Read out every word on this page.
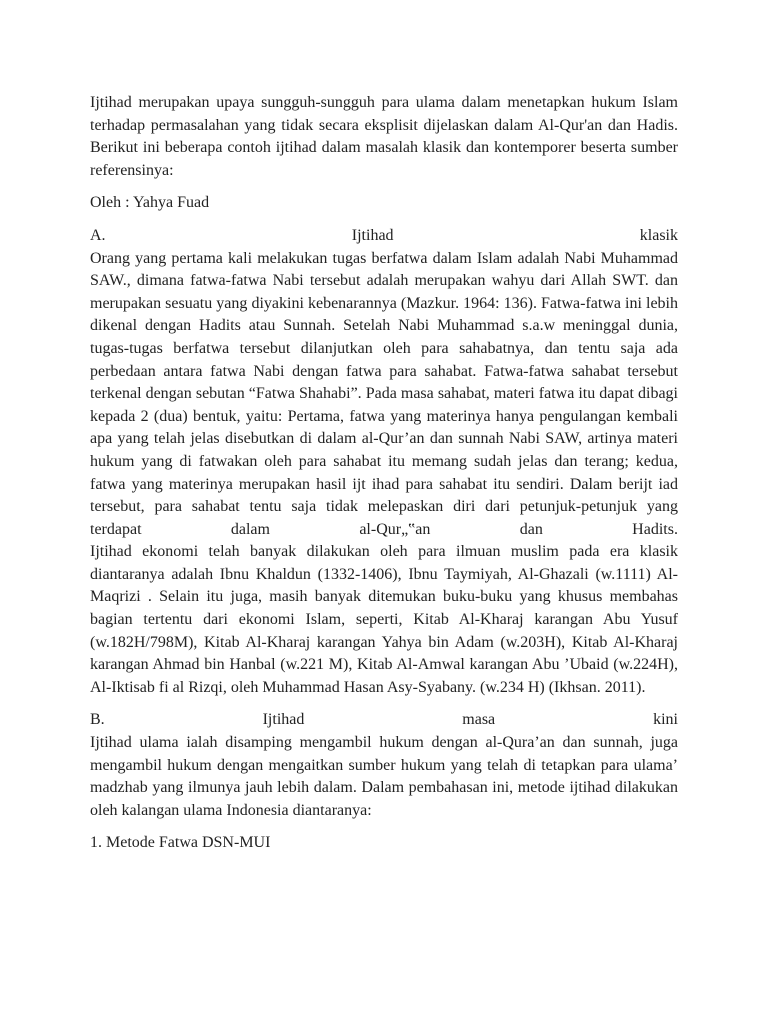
Ijtihad merupakan upaya sungguh-sungguh para ulama dalam menetapkan hukum Islam terhadap permasalahan yang tidak secara eksplisit dijelaskan dalam Al-Qur'an dan Hadis. Berikut ini beberapa contoh ijtihad dalam masalah klasik dan kontemporer beserta sumber referensinya:

Oleh : Yahya Fuad

A.	Ijtihad	klasik
Orang yang pertama kali melakukan tugas berfatwa dalam Islam adalah Nabi Muhammad SAW., dimana fatwa-fatwa Nabi tersebut adalah merupakan wahyu dari Allah SWT. dan merupakan sesuatu yang diyakini kebenarannya (Mazkur. 1964: 136). Fatwa-fatwa ini lebih dikenal dengan Hadits atau Sunnah. Setelah Nabi Muhammad s.a.w meninggal dunia, tugas-tugas berfatwa tersebut dilanjutkan oleh para sahabatnya, dan tentu saja ada perbedaan antara fatwa Nabi dengan fatwa para sahabat. Fatwa-fatwa sahabat tersebut terkenal dengan sebutan “Fatwa Shahabi”. Pada masa sahabat, materi fatwa itu dapat dibagi kepada 2 (dua) bentuk, yaitu: Pertama, fatwa yang materinya hanya pengulangan kembali apa yang telah jelas disebutkan di dalam al-Qur’an dan sunnah Nabi SAW, artinya materi hukum yang di fatwakan oleh para sahabat itu memang sudah jelas dan terang; kedua, fatwa yang materinya merupakan hasil ijt ihad para sahabat itu sendiri. Dalam berijt iad tersebut, para sahabat tentu saja tidak melepaskan diri dari petunjuk-petunjuk yang
terdapat	dalam	al-Qur„‟an	dan	Hadits.
Ijtihad ekonomi telah banyak dilakukan oleh para ilmuan muslim pada era klasik diantaranya adalah Ibnu Khaldun (1332-1406), Ibnu Taymiyah, Al-Ghazali (w.1111) Al-Maqrizi . Selain itu juga, masih banyak ditemukan buku-buku yang khusus membahas bagian tertentu dari ekonomi Islam, seperti, Kitab Al-Kharaj karangan Abu Yusuf (w.182H/798M), Kitab Al-Kharaj karangan Yahya bin Adam (w.203H), Kitab Al-Kharaj karangan Ahmad bin Hanbal (w.221 M), Kitab Al-Amwal karangan Abu ’Ubaid (w.224H), Al-Iktisab fi al Rizqi, oleh Muhammad Hasan Asy-Syabany. (w.234 H) (Ikhsan. 2011).
B.	Ijtihad	masa	kini
Ijtihad ulama ialah disamping mengambil hukum dengan al-Qura’an dan sunnah, juga mengambil hukum dengan mengaitkan sumber hukum yang telah di tetapkan para ulama’ madzhab yang ilmunya jauh lebih dalam. Dalam pembahasan ini, metode ijtihad dilakukan oleh kalangan ulama Indonesia diantaranya:

1. Metode Fatwa DSN-MUI
